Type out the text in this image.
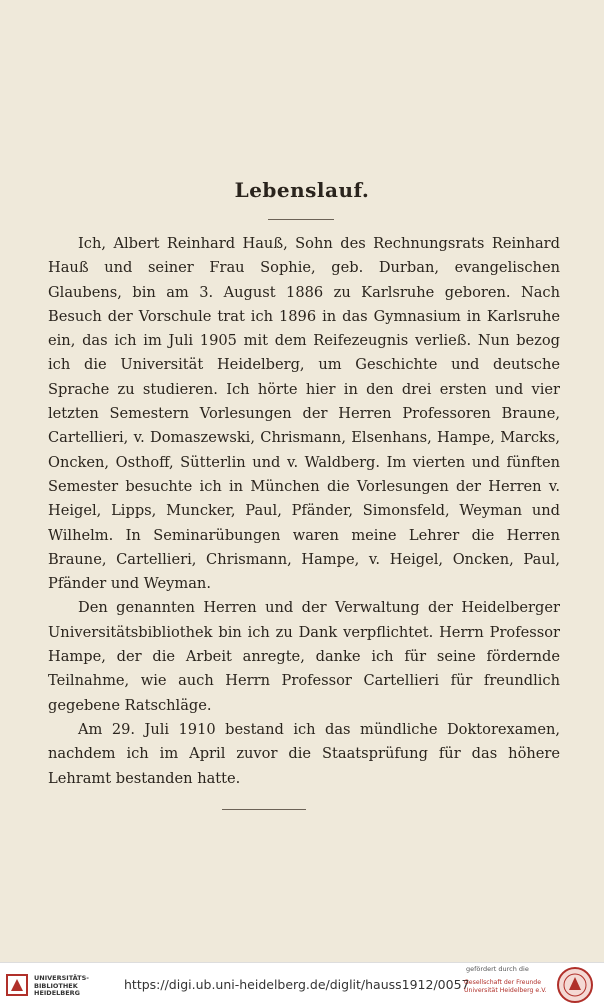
Lebenslauf.

Ich, Albert Reinhard Hauß, Sohn des Rechnungsrats Reinhard Hauß und seiner Frau Sophie, geb. Durban, evangelischen Glaubens, bin am 3. August 1886 zu Karlsruhe geboren. Nach Besuch der Vorschule trat ich 1896 in das Gymnasium in Karlsruhe ein, das ich im Juli 1905 mit dem Reifezeugnis verließ. Nun bezog ich die Universität Heidelberg, um Geschichte und deutsche Sprache zu studieren. Ich hörte hier in den drei ersten und vier letzten Semestern Vorlesungen der Herren Professoren Braune, Cartellieri, v. Domaszewski, Chrismann, Elsenhans, Hampe, Marcks, Oncken, Osthoff, Sütterlin und v. Waldberg. Im vierten und fünften Semester besuchte ich in München die Vorlesungen der Herren v. Heigel, Lipps, Muncker, Paul, Pfänder, Simonsfeld, Weyman und Wilhelm. In Seminarübungen waren meine Lehrer die Herren Braune, Cartellieri, Chrismann, Hampe, v. Heigel, Oncken, Paul, Pfänder und Weyman.

Den genannten Herren und der Verwaltung der Heidelberger Universitätsbibliothek bin ich zu Dank verpflichtet. Herrn Professor Hampe, der die Arbeit anregte, danke ich für seine fördernde Teilnahme, wie auch Herrn Professor Cartellieri für freundlich gegebene Ratschläge.

Am 29. Juli 1910 bestand ich das mündliche Doktorexamen, nachdem ich im April zuvor die Staatsprüfung für das höhere Lehramt bestanden hatte.

UNIVERSITÄTS-
BIBLIOTHEK
HEIDELBERG
https://digi.ub.uni-heidelberg.de/diglit/hauss1912/0057
gefördert durch die
Gesellschaft der Freunde
Universität Heidelberg e.V.
